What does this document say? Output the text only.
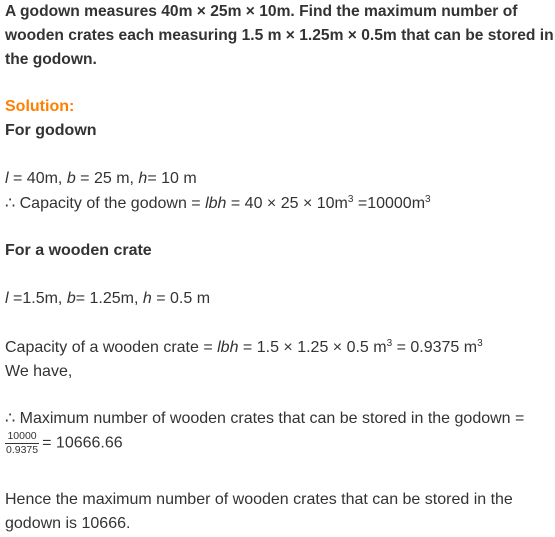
A godown measures 40m × 25m × 10m. Find the maximum number of
wooden crates each measuring 1.5 m × 1.25m × 0.5m that can be stored in
the godown.
Solution:
For godown
l = 40m, b = 25 m, h= 10 m
∴ Capacity of the godown = lbh = $40 \times 25 \times 10m^3 =10000m^3$
For a wooden crate
l =1.5m, b= 1.25m, h = 0.5 m
Capacity of a wooden crate = lbh = 1.5 × 1.25 × 0.5 $m^3 = 0.9375$ $m^3$
We have,
∴ Maximum number of wooden crates that can be stored in the godown =
$\frac{10000}{0.9375} = 10666.66$
Hence the maximum number of wooden crates that can be stored in the
godown is 10666.
